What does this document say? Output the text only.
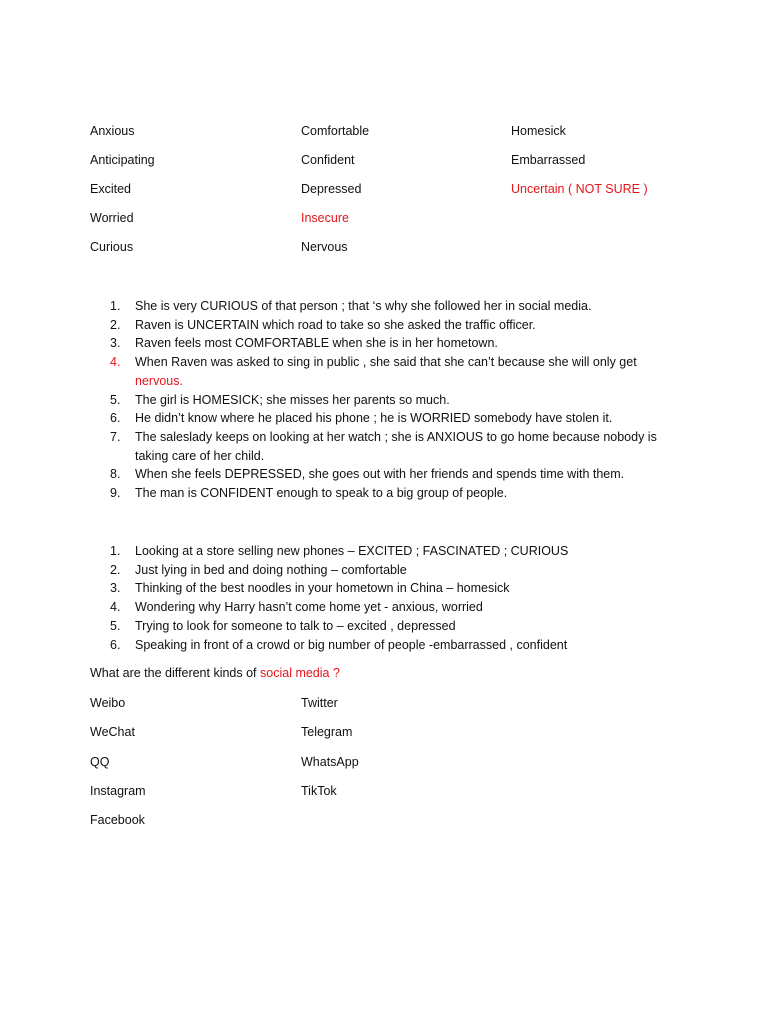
Anxious	Comfortable	Homesick
Anticipating	Confident	Embarrassed
Excited	Depressed	Uncertain ( NOT SURE )
Worried	Insecure
Curious	Nervous
1. She is very CURIOUS of that person ; that ‘s why she followed her in social media.
2. Raven is UNCERTAIN which road to take so she asked the traffic officer.
3. Raven feels most COMFORTABLE when she is in her hometown.
4. When Raven was asked to sing in public , she said that she can’t because she will only get nervous.
5. The girl is HOMESICK; she misses her parents so much.
6. He didn’t know where he placed his phone ; he is WORRIED somebody have stolen it.
7. The saleslady keeps on looking at her watch ; she is ANXIOUS to go home because nobody is taking care of her child.
8. When she feels DEPRESSED, she goes out with her friends and spends time with them.
9. The man is CONFIDENT enough to speak to a big group of people.
1. Looking at a store selling new phones – EXCITED ; FASCINATED ; CURIOUS
2. Just lying in bed and doing nothing – comfortable
3. Thinking of the best noodles in your hometown in China – homesick
4. Wondering why Harry hasn’t come home yet - anxious, worried
5. Trying to look for someone to talk to – excited , depressed
6. Speaking in front of a crowd or big number of people -embarrassed , confident
What are the different kinds of social media ?
Weibo	Twitter
WeChat	Telegram
QQ	WhatsApp
Instagram	TikTok
Facebook
